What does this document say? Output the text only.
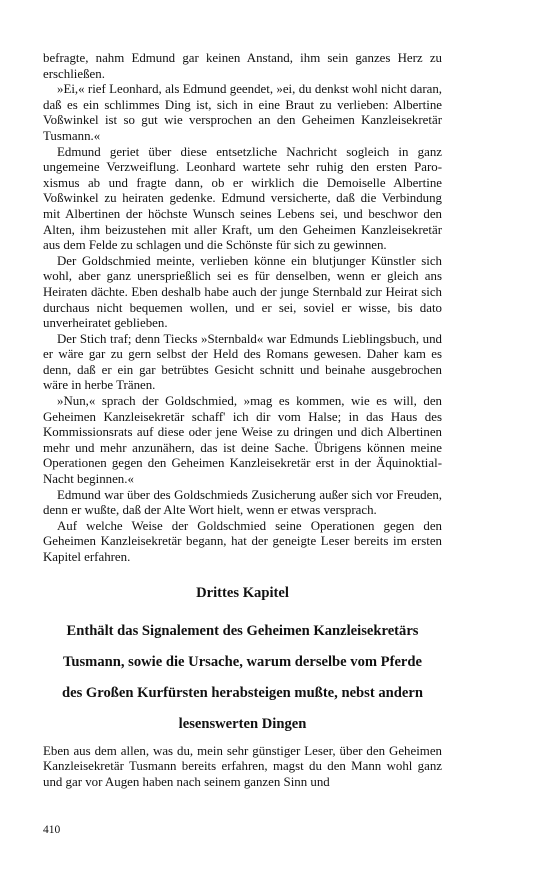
befragte, nahm Edmund gar keinen Anstand, ihm sein ganzes Herz zu erschließen.

»Ei,« rief Leonhard, als Edmund geendet, »ei, du denkst wohl nicht daran, daß es ein schlimmes Ding ist, sich in eine Braut zu verlieben: Albertine Voßwinkel ist so gut wie versprochen an den Geheimen Kanzleisekretär Tusmann.«

Edmund geriet über diese entsetzliche Nachricht sogleich in ganz ungemeine Verzweiflung. Leonhard wartete sehr ruhig den ersten Paroxismus ab und fragte dann, ob er wirklich die Demoiselle Albertine Voßwinkel zu heiraten gedenke. Edmund versicherte, daß die Verbindung mit Albertinen der höchste Wunsch seines Lebens sei, und beschwor den Alten, ihm beizustehen mit aller Kraft, um den Geheimen Kanzleisekretär aus dem Felde zu schlagen und die Schönste für sich zu gewinnen.

Der Goldschmied meinte, verlieben könne ein blutjunger Künstler sich wohl, aber ganz unersprießlich sei es für denselben, wenn er gleich ans Heiraten dächte. Eben deshalb habe auch der junge Sternbald zur Heirat sich durchaus nicht bequemen wollen, und er sei, soviel er wisse, bis dato unverheiratet geblieben.

Der Stich traf; denn Tiecks »Sternbald« war Edmunds Lieblingsbuch, und er wäre gar zu gern selbst der Held des Romans gewesen. Daher kam es denn, daß er ein gar betrübtes Gesicht schnitt und beinahe ausgebrochen wäre in herbe Tränen.

»Nun,« sprach der Goldschmied, »mag es kommen, wie es will, den Geheimen Kanzleisekretär schaff' ich dir vom Halse; in das Haus des Kommissionsrats auf diese oder jene Weise zu dringen und dich Albertinen mehr und mehr anzunähern, das ist deine Sache. Übrigens können meine Operationen gegen den Geheimen Kanzleisekretär erst in der Äquinoktial-Nacht beginnen.«

Edmund war über des Goldschmieds Zusicherung außer sich vor Freuden, denn er wußte, daß der Alte Wort hielt, wenn er etwas versprach.

Auf welche Weise der Goldschmied seine Operationen gegen den Geheimen Kanzleisekretär begann, hat der geneigte Leser bereits im ersten Kapitel erfahren.

Drittes Kapitel

Enthält das Signalement des Geheimen Kanzleisekretärs

Tusmann, sowie die Ursache, warum derselbe vom Pferde

des Großen Kurfürsten herabsteigen mußte, nebst andern

lesenswerten Dingen

Eben aus dem allen, was du, mein sehr günstiger Leser, über den Geheimen Kanzleisekretär Tusmann bereits erfahren, magst du den Mann wohl ganz und gar vor Augen haben nach seinem ganzen Sinn und

410
